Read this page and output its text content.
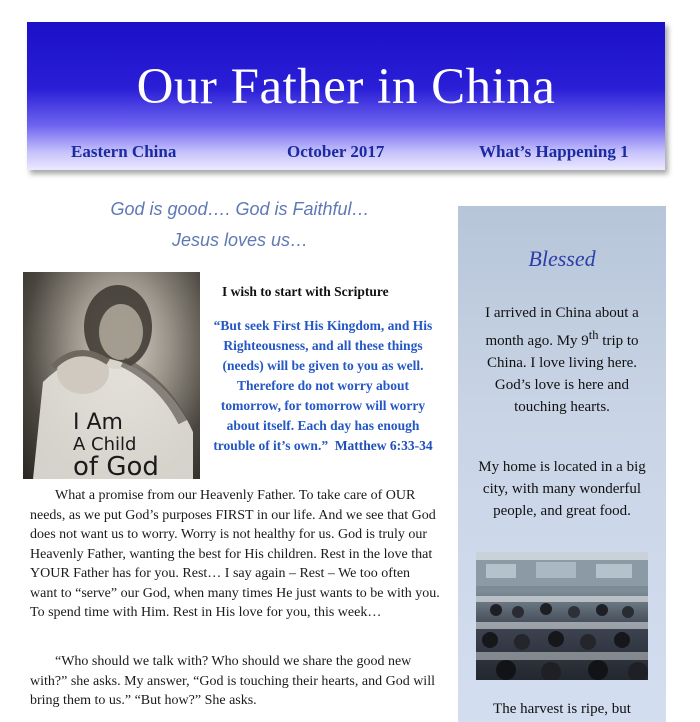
Our Father in China
Eastern China	October 2017	What’s Happening 1
God is good…. God is Faithful…
Jesus loves us…
I Am
A Child
of God
I wish to start with Scripture
“But seek First His Kingdom, and His Righteousness, and all these things (needs) will be given to you as well. Therefore do not worry about tomorrow, for tomorrow will worry about itself. Each day has enough trouble of it’s own.” Matthew 6:33-34
What a promise from our Heavenly Father. To take care of OUR needs, as we put God’s purposes FIRST in our life. And we see that God does not want us to worry. Worry is not healthy for us. God is truly our Heavenly Father, wanting the best for His children. Rest in the love that YOUR Father has for you. Rest… I say again – Rest – We too often want to “serve” our God, when many times He just wants to be with you. To spend time with Him. Rest in His love for you, this week…
“Who should we talk with? Who should we share the good new with?” she asks. My answer, “God is touching their hearts, and God will bring them to us.” “But how?” She asks.
Blessed
I arrived in China about a month ago. My 9th trip to China. I love living here. God’s love is here and touching hearts.
My home is located in a big city, with many wonderful people, and great food.
The harvest is ripe, but
